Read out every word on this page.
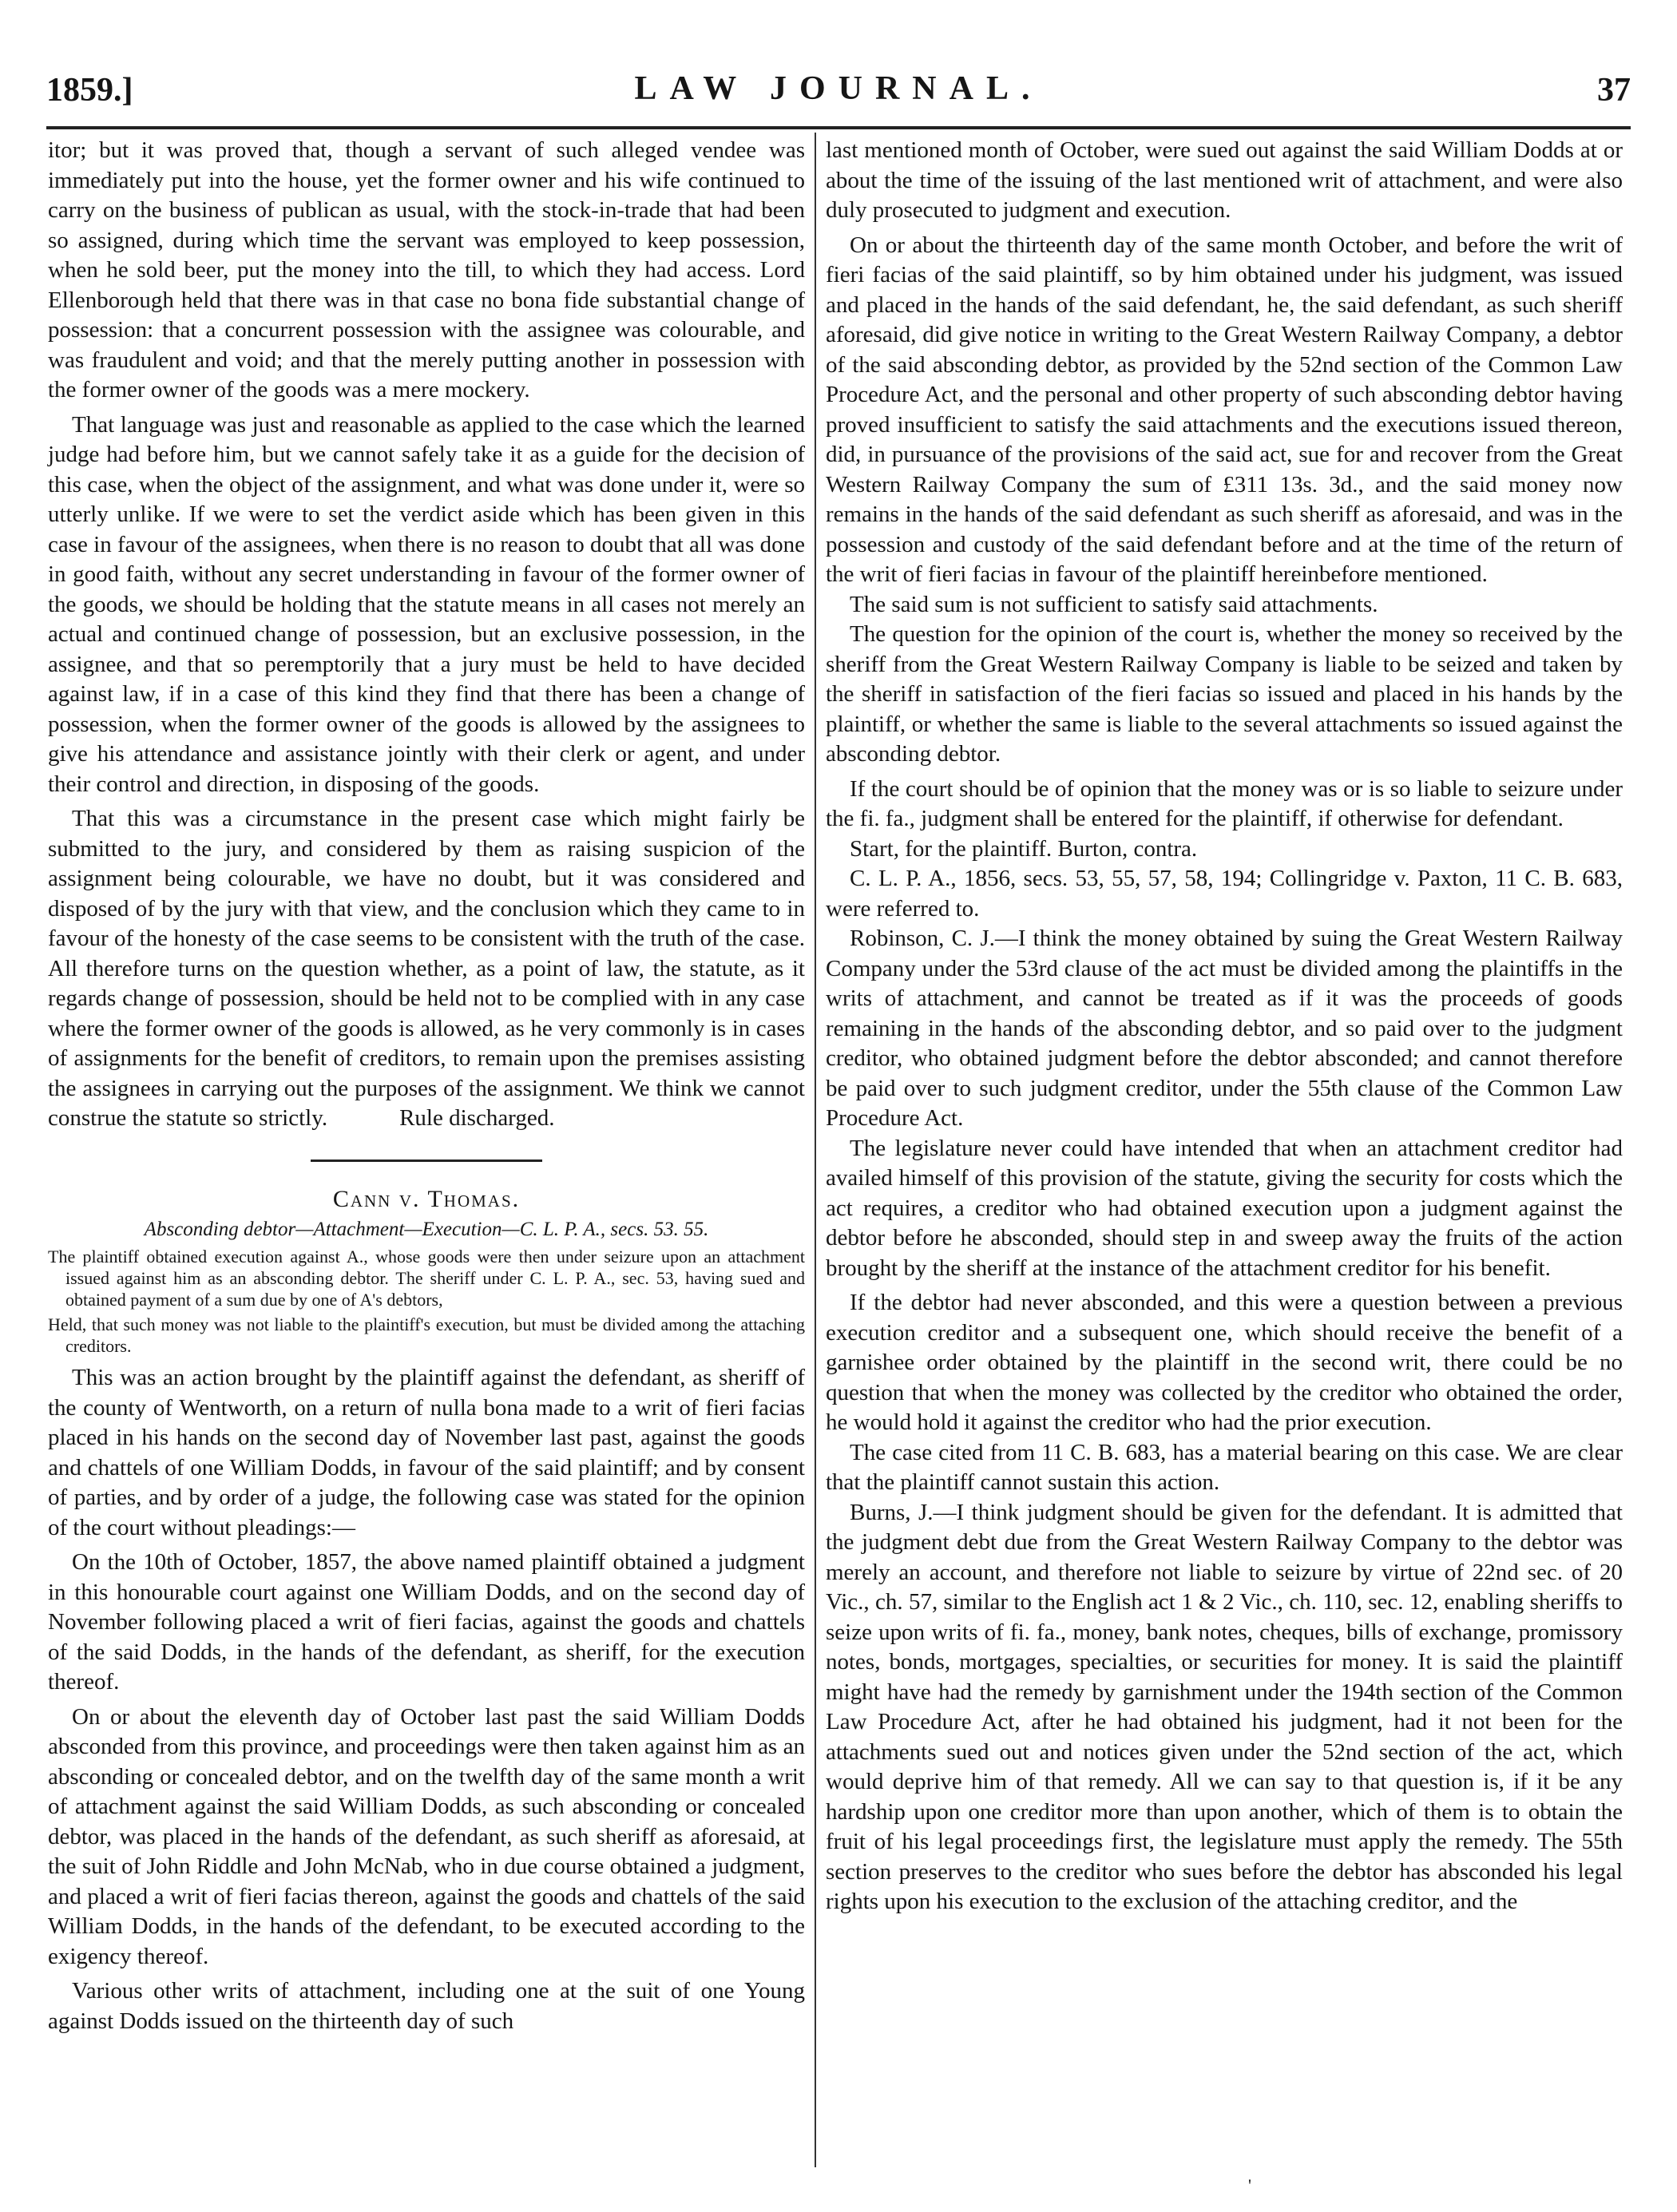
1859.]	LAW JOURNAL.	37

itor; but it was proved that, though a servant of such alleged vendee was immediately put into the house, yet the former owner and his wife continued to carry on the business of publican as usual, with the stock-in-trade that had been so assigned, during which time the servant was employed to keep possession, when he sold beer, put the money into the till, to which they had access. Lord Ellenborough held that there was in that case no bona fide substantial change of possession: that a concurrent possession with the assignee was colourable, and was fraudulent and void; and that the merely putting another in possession with the former owner of the goods was a mere mockery.

That language was just and reasonable as applied to the case which the learned judge had before him, but we cannot safely take it as a guide for the decision of this case, when the object of the assignment, and what was done under it, were so utterly unlike. If we were to set the verdict aside which has been given in this case in favour of the assignees, when there is no reason to doubt that all was done in good faith, without any secret understanding in favour of the former owner of the goods, we should be holding that the statute means in all cases not merely an actual and continued change of possession, but an exclusive possession, in the assignee, and that so peremptorily that a jury must be held to have decided against law, if in a case of this kind they find that there has been a change of possession, when the former owner of the goods is allowed by the assignees to give his attendance and assistance jointly with their clerk or agent, and under their control and direction, in disposing of the goods.

That this was a circumstance in the present case which might fairly be submitted to the jury, and considered by them as raising suspicion of the assignment being colourable, we have no doubt, but it was considered and disposed of by the jury with that view, and the conclusion which they came to in favour of the honesty of the case seems to be consistent with the truth of the case. All therefore turns on the question whether, as a point of law, the statute, as it regards change of possession, should be held not to be complied with in any case where the former owner of the goods is allowed, as he very commonly is in cases of assignments for the benefit of creditors, to remain upon the premises assisting the assignees in carrying out the purposes of the assignment. We think we cannot construe the statute so strictly.	Rule discharged.

Cann v. Thomas.

Absconding debtor—Attachment—Execution—C. L. P. A., secs. 53. 55.

The plaintiff obtained execution against A., whose goods were then under seizure upon an attachment issued against him as an absconding debtor. The sheriff under C. L. P. A., sec. 53, having sued and obtained payment of a sum due by one of A's debtors,

Held, that such money was not liable to the plaintiff's execution, but must be divided among the attaching creditors.

This was an action brought by the plaintiff against the defendant, as sheriff of the county of Wentworth, on a return of nulla bona made to a writ of fieri facias placed in his hands on the second day of November last past, against the goods and chattels of one William Dodds, in favour of the said plaintiff; and by consent of parties, and by order of a judge, the following case was stated for the opinion of the court without pleadings:—

On the 10th of October, 1857, the above named plaintiff obtained a judgment in this honourable court against one William Dodds, and on the second day of November following placed a writ of fieri facias, against the goods and chattels of the said Dodds, in the hands of the defendant, as sheriff, for the execution thereof.

On or about the eleventh day of October last past the said William Dodds absconded from this province, and proceedings were then taken against him as an absconding or concealed debtor, and on the twelfth day of the same month a writ of attachment against the said William Dodds, as such absconding or concealed debtor, was placed in the hands of the defendant, as such sheriff as aforesaid, at the suit of John Riddle and John McNab, who in due course obtained a judgment, and placed a writ of fieri facias thereon, against the goods and chattels of the said William Dodds, in the hands of the defendant, to be executed according to the exigency thereof.

Various other writs of attachment, including one at the suit of one Young against Dodds issued on the thirteenth day of such

last mentioned month of October, were sued out against the said William Dodds at or about the time of the issuing of the last mentioned writ of attachment, and were also duly prosecuted to judgment and execution.

On or about the thirteenth day of the same month October, and before the writ of fieri facias of the said plaintiff, so by him obtained under his judgment, was issued and placed in the hands of the said defendant, he, the said defendant, as such sheriff aforesaid, did give notice in writing to the Great Western Railway Company, a debtor of the said absconding debtor, as provided by the 52nd section of the Common Law Procedure Act, and the personal and other property of such absconding debtor having proved insufficient to satisfy the said attachments and the executions issued thereon, did, in pursuance of the provisions of the said act, sue for and recover from the Great Western Railway Company the sum of £311 13s. 3d., and the said money now remains in the hands of the said defendant as such sheriff as aforesaid, and was in the possession and custody of the said defendant before and at the time of the return of the writ of fieri facias in favour of the plaintiff hereinbefore mentioned.

The said sum is not sufficient to satisfy said attachments.

The question for the opinion of the court is, whether the money so received by the sheriff from the Great Western Railway Company is liable to be seized and taken by the sheriff in satisfaction of the fieri facias so issued and placed in his hands by the plaintiff, or whether the same is liable to the several attachments so issued against the absconding debtor.

If the court should be of opinion that the money was or is so liable to seizure under the fi. fa., judgment shall be entered for the plaintiff, if otherwise for defendant.

Start, for the plaintiff. Burton, contra.

C. L. P. A., 1856, secs. 53, 55, 57, 58, 194; Collingridge v. Paxton, 11 C. B. 683, were referred to.

Robinson, C. J.—I think the money obtained by suing the Great Western Railway Company under the 53rd clause of the act must be divided among the plaintiffs in the writs of attachment, and cannot be treated as if it was the proceeds of goods remaining in the hands of the absconding debtor, and so paid over to the judgment creditor, who obtained judgment before the debtor absconded; and cannot therefore be paid over to such judgment creditor, under the 55th clause of the Common Law Procedure Act.

The legislature never could have intended that when an attachment creditor had availed himself of this provision of the statute, giving the security for costs which the act requires, a creditor who had obtained execution upon a judgment against the debtor before he absconded, should step in and sweep away the fruits of the action brought by the sheriff at the instance of the attachment creditor for his benefit.

If the debtor had never absconded, and this were a question between a previous execution creditor and a subsequent one, which should receive the benefit of a garnishee order obtained by the plaintiff in the second writ, there could be no question that when the money was collected by the creditor who obtained the order, he would hold it against the creditor who had the prior execution.

The case cited from 11 C. B. 683, has a material bearing on this case. We are clear that the plaintiff cannot sustain this action.

Burns, J.—I think judgment should be given for the defendant. It is admitted that the judgment debt due from the Great Western Railway Company to the debtor was merely an account, and therefore not liable to seizure by virtue of 22nd sec. of 20 Vic., ch. 57, similar to the English act 1 & 2 Vic., ch. 110, sec. 12, enabling sheriffs to seize upon writs of fi. fa., money, bank notes, cheques, bills of exchange, promissory notes, bonds, mortgages, specialties, or securities for money. It is said the plaintiff might have had the remedy by garnishment under the 194th section of the Common Law Procedure Act, after he had obtained his judgment, had it not been for the attachments sued out and notices given under the 52nd section of the act, which would deprive him of that remedy. All we can say to that question is, if it be any hardship upon one creditor more than upon another, which of them is to obtain the fruit of his legal proceedings first, the legislature must apply the remedy. The 55th section preserves to the creditor who sues before the debtor has absconded his legal rights upon his execution to the exclusion of the attaching creditor, and the

'
